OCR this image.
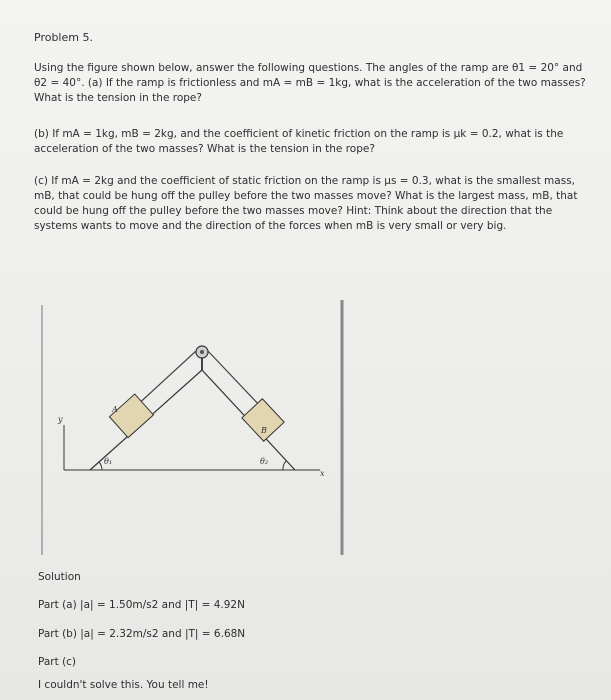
Problem 5.
Using the figure shown below, answer the following questions. The angles of the ramp are θ1 = 20° and θ2 = 40°. (a) If the ramp is frictionless and mA = mB = 1kg, what is the acceleration of the two masses? What is the tension in the rope?
(b) If mA = 1kg, mB = 2kg, and the coefficient of kinetic friction on the ramp is μk = 0.2, what is the acceleration of the two masses? What is the tension in the rope?
(c) If mA = 2kg and the coefficient of static friction on the ramp is μs = 0.3, what is the smallest mass, mB, that could be hung off the pulley before the two masses move? What is the largest mass, mB, that could be hung off the pulley before the two masses move? Hint: Think about the direction that the systems wants to move and the direction of the forces when mB is very small or very big.
y
x
A
B
θ₁	θ₂
Solution
Part (a) |a| = 1.50m/s2 and |T| = 4.92N
Part (b) |a| = 2.32m/s2 and |T| = 6.68N
Part (c)
I couldn't solve this. You tell me!
